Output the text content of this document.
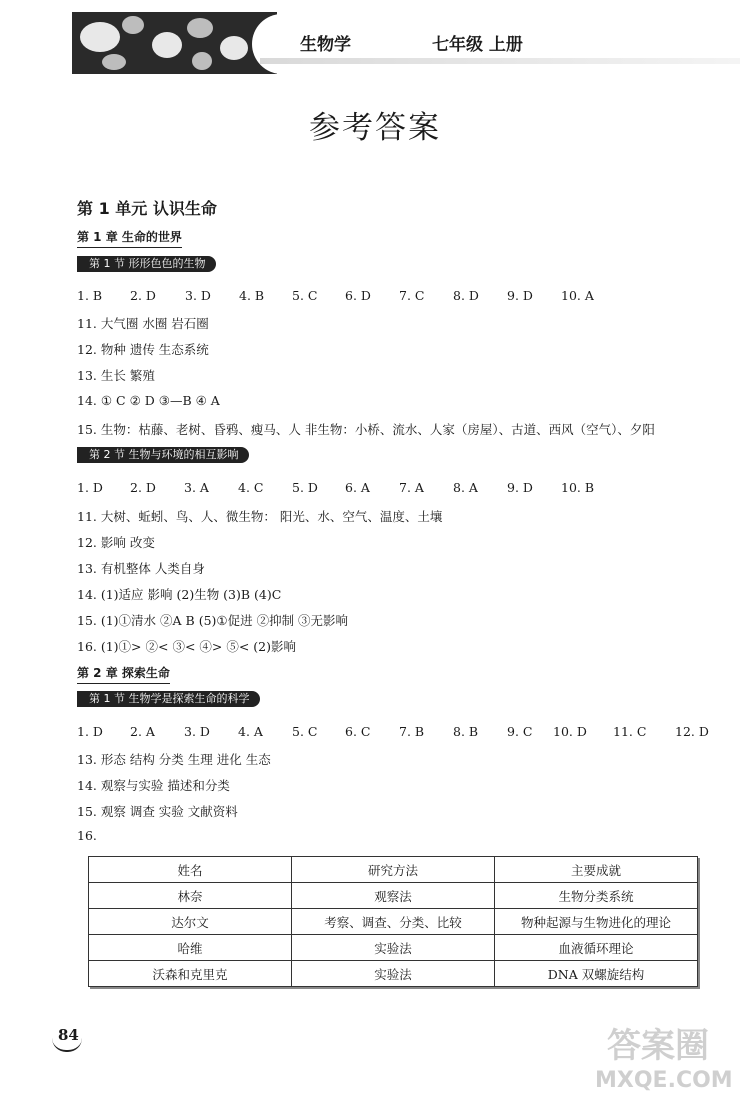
生物学	七年级 上册
参考答案
第 1 单元 认识生命
第 1 章 生命的世界
第 1 节 形形色色的生物
1. B 2. D 3. D 4. B 5. C 6. D 7. C 8. D 9. D 10. A
11. 大气圈 水圈 岩石圈
12. 物种 遗传 生态系统
13. 生长 繁殖
14. ① C ② D ③—B ④ A
15. 生物：枯藤、老树、昏鸦、瘦马、人 非生物：小桥、流水、人家（房屋）、古道、西风（空气）、夕阳
第 2 节 生物与环境的相互影响
1. D 2. D 3. A 4. C 5. D 6. A 7. A 8. A 9. D 10. B
11. 大树、蚯蚓、鸟、人、微生物： 阳光、水、空气、温度、土壤
12. 影响 改变
13. 有机整体 人类自身
14. (1)适应 影响 (2)生物 (3)B (4)C
15. (1)①清水 ②A B (5)①促进 ②抑制 ③无影响
16. (1)①> ②< ③< ④> ⑤< (2)影响
第 2 章 探索生命
第 1 节 生物学是探索生命的科学
1. D 2. A 3. D 4. A 5. C 6. C 7. B 8. B 9. C 10. D 11. C 12. D
13. 形态 结构 分类 生理 进化 生态
14. 观察与实验 描述和分类
15. 观察 调查 实验 文献资料
16.
姓名	研究方法	主要成就
林奈	观察法	生物分类系统
达尔文	考察、调查、分类、比较	物种起源与生物进化的理论
哈维	实验法	血液循环理论
沃森和克里克	实验法	DNA 双螺旋结构
84	答案圈
MXQE.COM
